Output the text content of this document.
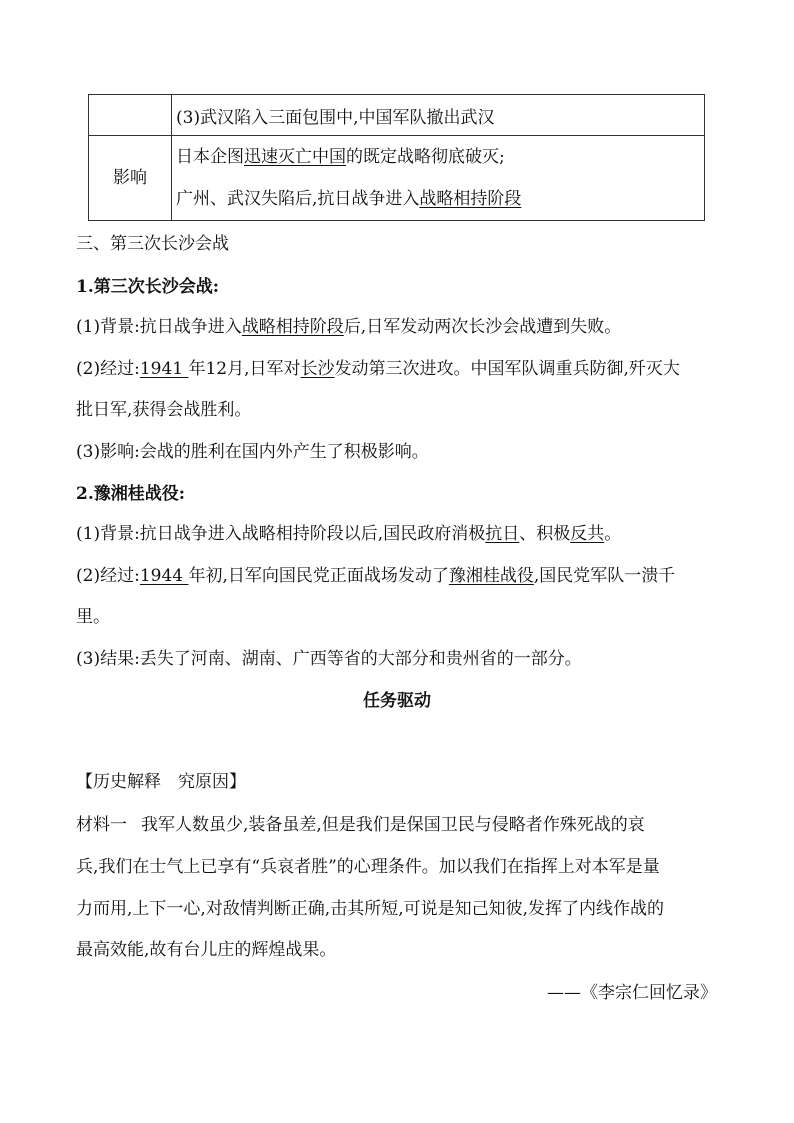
	(3)武汉陷入三面包围中,中国军队撤出武汉
影响	日本企图迅速灭亡中国的既定战略彻底破灭;
广州、武汉失陷后,抗日战争进入战略相持阶段
三、第三次长沙会战
1.第三次长沙会战:
(1)背景:抗日战争进入战略相持阶段后,日军发动两次长沙会战遭到失败。
(2)经过:1941 年12月,日军对长沙发动第三次进攻。中国军队调重兵防御,歼灭大
批日军,获得会战胜利。
(3)影响:会战的胜利在国内外产生了积极影响。
2.豫湘桂战役:
(1)背景:抗日战争进入战略相持阶段以后,国民政府消极抗日、积极反共。
(2)经过:1944 年初,日军向国民党正面战场发动了豫湘桂战役,国民党军队一溃千
里。
(3)结果:丢失了河南、湖南、广西等省的大部分和贵州省的一部分。
任务驱动
【历史解释　究原因】
材料一 我军人数虽少,装备虽差,但是我们是保国卫民与侵略者作殊死战的哀
兵,我们在士气上已享有“兵哀者胜”的心理条件。加以我们在指挥上对本军是量
力而用,上下一心,对敌情判断正确,击其所短,可说是知己知彼,发挥了内线作战的
最高效能,故有台儿庄的辉煌战果。
——《李宗仁回忆录》
